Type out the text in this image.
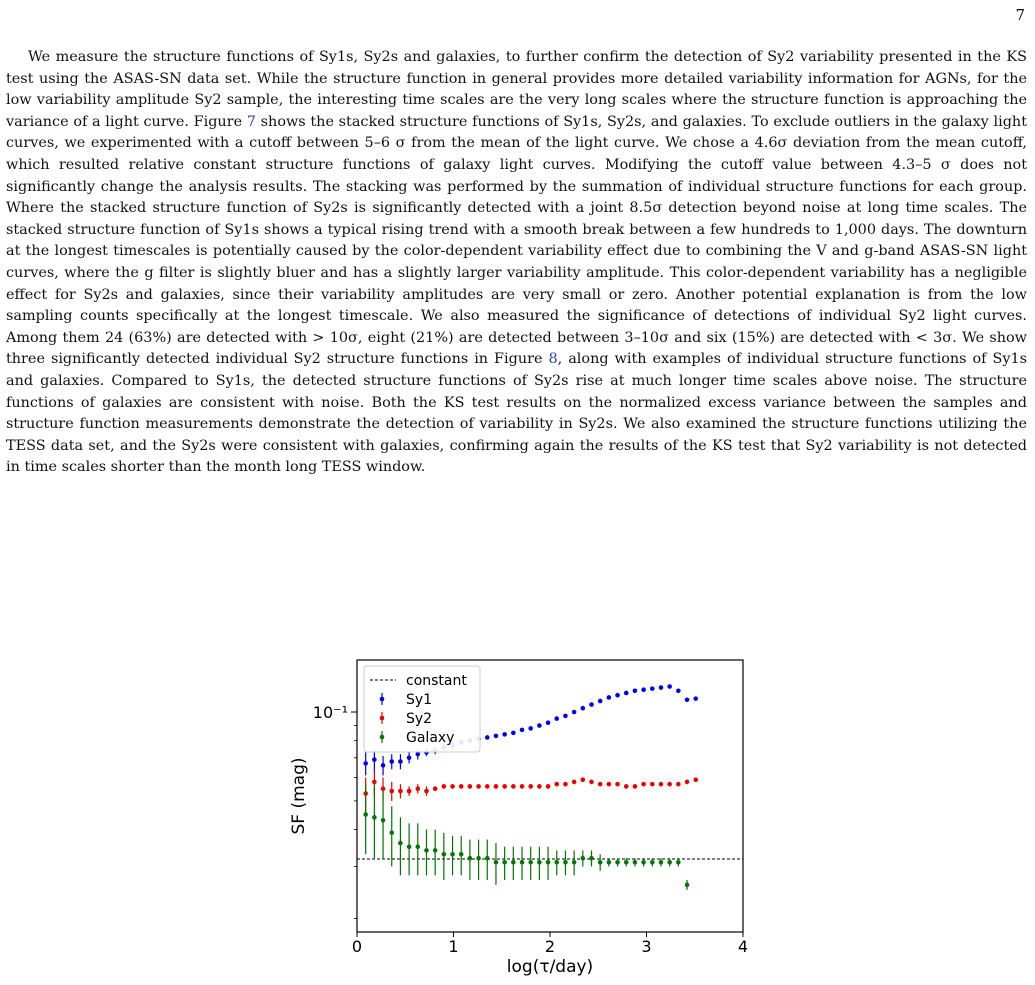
7

We measure the structure functions of Sy1s, Sy2s and galaxies, to further confirm the detection of Sy2 variability presented in the KS test using the ASAS-SN data set. While the structure function in general provides more detailed variability information for AGNs, for the low variability amplitude Sy2 sample, the interesting time scales are the very long scales where the structure function is approaching the variance of a light curve. Figure 7 shows the stacked structure functions of Sy1s, Sy2s, and galaxies. To exclude outliers in the galaxy light curves, we experimented with a cutoff between 5–6 σ from the mean of the light curve. We chose a 4.6σ deviation from the mean cutoff, which resulted relative constant structure functions of galaxy light curves. Modifying the cutoff value between 4.3–5 σ does not significantly change the analysis results. The stacking was performed by the summation of individual structure functions for each group. Where the stacked structure function of Sy2s is significantly detected with a joint 8.5σ detection beyond noise at long time scales. The stacked structure function of Sy1s shows a typical rising trend with a smooth break between a few hundreds to 1,000 days. The downturn at the longest timescales is potentially caused by the color-dependent variability effect due to combining the V and g-band ASAS-SN light curves, where the g filter is slightly bluer and has a slightly larger variability amplitude. This color-dependent variability has a negligible effect for Sy2s and galaxies, since their variability amplitudes are very small or zero. Another potential explanation is from the low sampling counts specifically at the longest timescale. We also measured the significance of detections of individual Sy2 light curves. Among them 24 (63%) are detected with > 10σ, eight (21%) are detected between 3–10σ and six (15%) are detected with < 3σ. We show three significantly detected individual Sy2 structure functions in Figure 8, along with examples of individual structure functions of Sy1s and galaxies. Compared to Sy1s, the detected structure functions of Sy2s rise at much longer time scales above noise. The structure functions of galaxies are consistent with noise. Both the KS test results on the normalized excess variance between the samples and structure function measurements demonstrate the detection of variability in Sy2s. We also examined the structure functions utilizing the TESS data set, and the Sy2s were consistent with galaxies, confirming again the results of the KS test that Sy2 variability is not detected in time scales shorter than the month long TESS window.

0	1	2	3	4
10⁻¹
log(τ/day)
SF (mag)
constant
Sy1
Sy2
Galaxy
